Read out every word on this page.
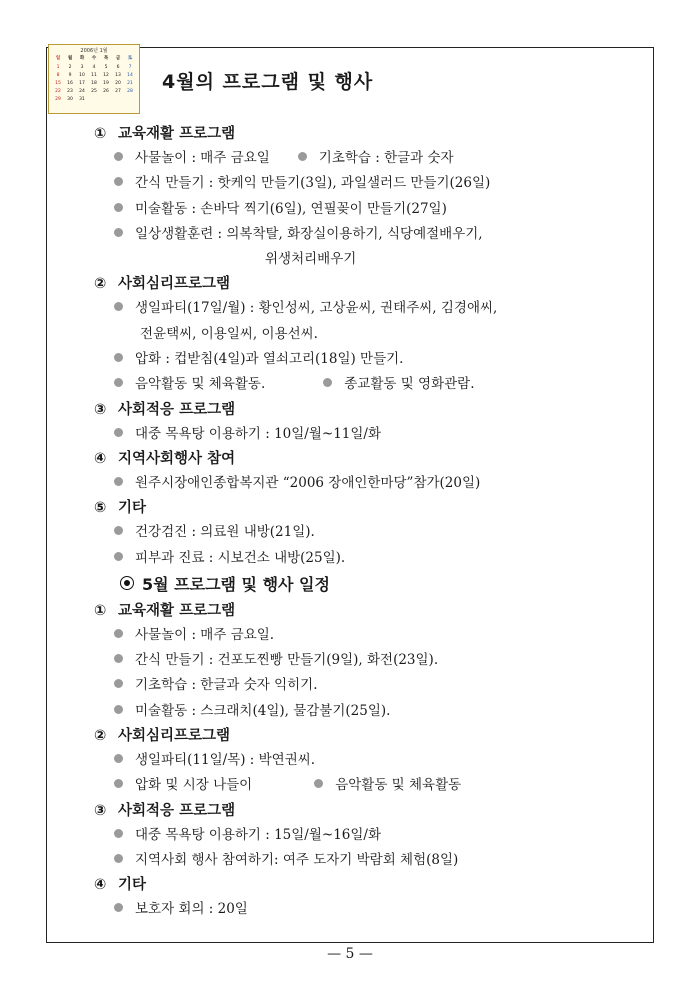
2006년 1월
일	월	화	수	목	금	토
1	2	3	4	5	6	7
8	9	10	11	12	13	14
15	16	17	18	19	20	21
22	23	24	25	26	27	28
29	30	31
4월의 프로그램 및 행사
① 교육재활 프로그램
사물놀이 : 매주 금요일	기초학습 : 한글과 숫자
간식 만들기 : 핫케익 만들기(3일), 과일샐러드 만들기(26일)
미술활동 : 손바닥 찍기(6일), 연필꽂이 만들기(27일)
일상생활훈련 : 의복착탈, 화장실이용하기, 식당예절배우기,
위생처리배우기
② 사회심리프로그램
생일파티(17일/월) : 황인성씨, 고상윤씨, 권태주씨, 김경애씨,
전윤택씨, 이용일씨, 이용선씨.
압화 : 컵받침(4일)과 열쇠고리(18일) 만들기.
음악활동 및 체육활동.	종교활동 및 영화관람.
③ 사회적응 프로그램
대중 목욕탕 이용하기 : 10일/월~11일/화
④ 지역사회행사 참여
원주시장애인종합복지관 “2006 장애인한마당”참가(20일)
⑤ 기타
건강검진 : 의료원 내방(21일).
피부과 진료 : 시보건소 내방(25일).
5월 프로그램 및 행사 일정
① 교육재활 프로그램
사물놀이 : 매주 금요일.
간식 만들기 : 건포도찐빵 만들기(9일), 화전(23일).
기초학습 : 한글과 숫자 익히기.
미술활동 : 스크래치(4일), 물감불기(25일).
② 사회심리프로그램
생일파티(11일/목) : 박연권씨.
압화 및 시장 나들이	음악활동 및 체육활동
③ 사회적응 프로그램
대중 목욕탕 이용하기 : 15일/월~16일/화
지역사회 행사 참여하기: 여주 도자기 박람회 체험(8일)
④ 기타
보호자 회의 : 20일
— 5 —
